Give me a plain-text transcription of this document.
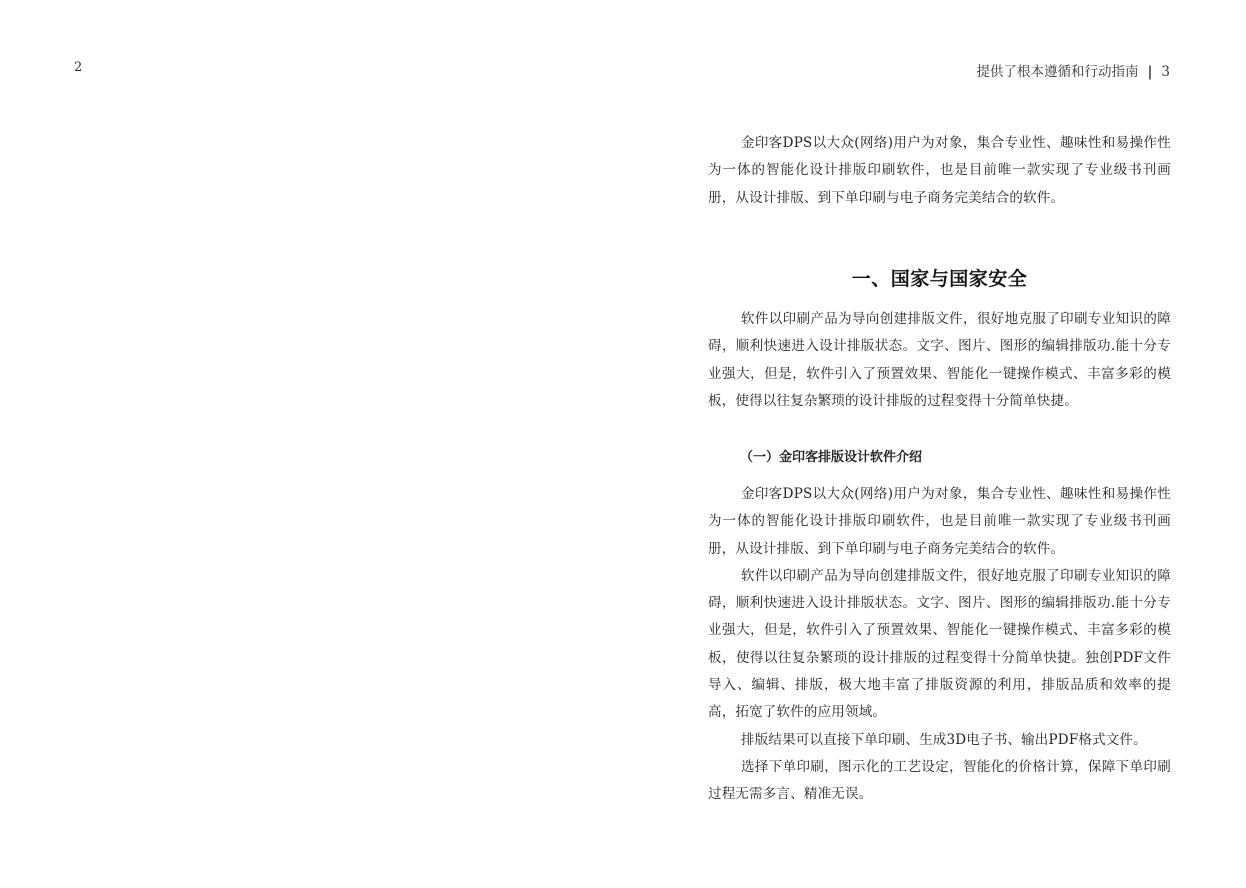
2	提供了根本遵循和行动指南 | 3

金印客DPS以大众(网络)用户为对象，集合专业性、趣味性和易操作性为一体的智能化设计排版印刷软件，也是目前唯一款实现了专业级书刊画册，从设计排版、到下单印刷与电子商务完美结合的软件。

一、国家与国家安全

软件以印刷产品为导向创建排版文件，很好地克服了印刷专业知识的障碍，顺利快速进入设计排版状态。文字、图片、图形的编辑排版功.能十分专业强大，但是，软件引入了预置效果、智能化一键操作模式、丰富多彩的模板，使得以往复杂繁琐的设计排版的过程变得十分简单快捷。

（一）金印客排版设计软件介绍

金印客DPS以大众(网络)用户为对象，集合专业性、趣味性和易操作性为一体的智能化设计排版印刷软件，也是目前唯一款实现了专业级书刊画册，从设计排版、到下单印刷与电子商务完美结合的软件。

软件以印刷产品为导向创建排版文件，很好地克服了印刷专业知识的障碍，顺利快速进入设计排版状态。文字、图片、图形的编辑排版功.能十分专业强大，但是，软件引入了预置效果、智能化一键操作模式、丰富多彩的模板，使得以往复杂繁琐的设计排版的过程变得十分简单快捷。独创PDF文件导入、编辑、排版，极大地丰富了排版资源的利用，排版品质和效率的提高，拓宽了软件的应用领域。

排版结果可以直接下单印刷、生成3D电子书、输出PDF格式文件。

选择下单印刷，图示化的工艺设定，智能化的价格计算，保障下单印刷过程无需多言、精准无误。
